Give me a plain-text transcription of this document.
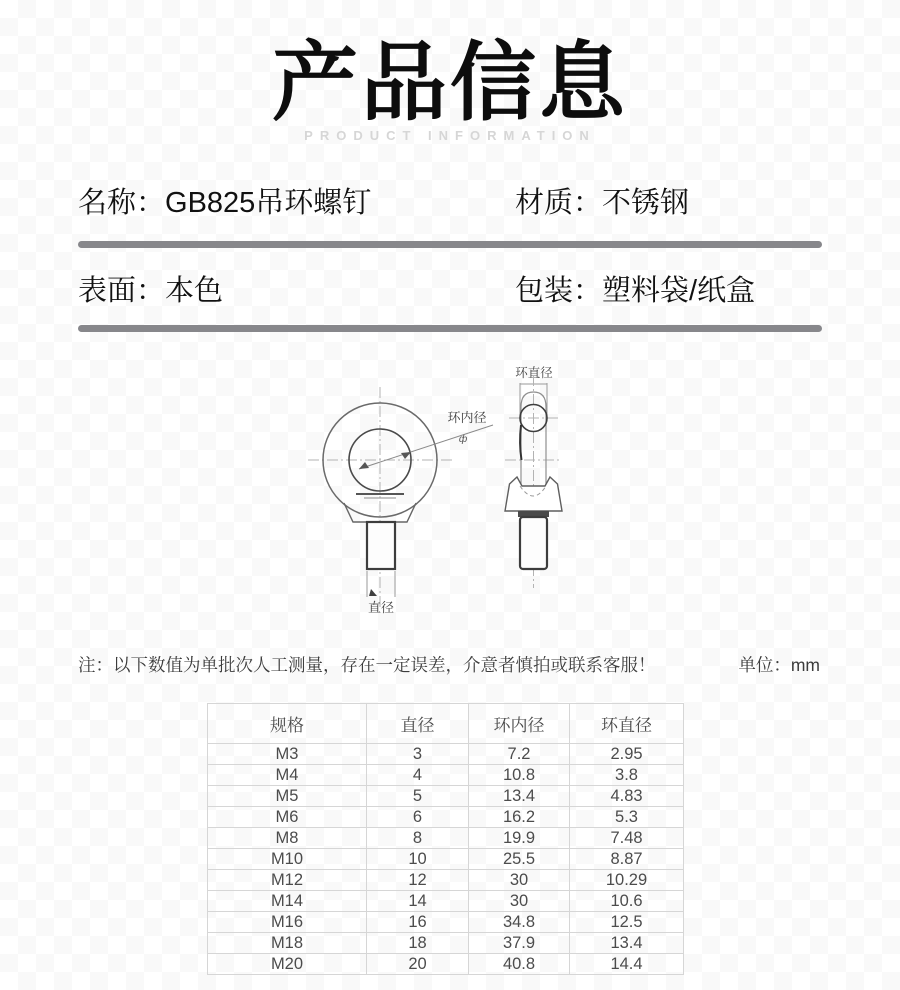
产品信息
PRODUCT INFORMATION
名称： GB825吊环螺钉	材质： 不锈钢
表面： 本色	包装： 塑料袋/纸盒
环内径
ф
直径
环直径
注：以下数值为单批次人工测量，存在一定误差，介意者慎拍或联系客服！	单位：mm
规格	直径	环内径	环直径
M3	3	7.2	2.95
M4	4	10.8	3.8
M5	5	13.4	4.83
M6	6	16.2	5.3
M8	8	19.9	7.48
M10	10	25.5	8.87
M12	12	30	10.29
M14	14	30	10.6
M16	16	34.8	12.5
M18	18	37.9	13.4
M20	20	40.8	14.4
